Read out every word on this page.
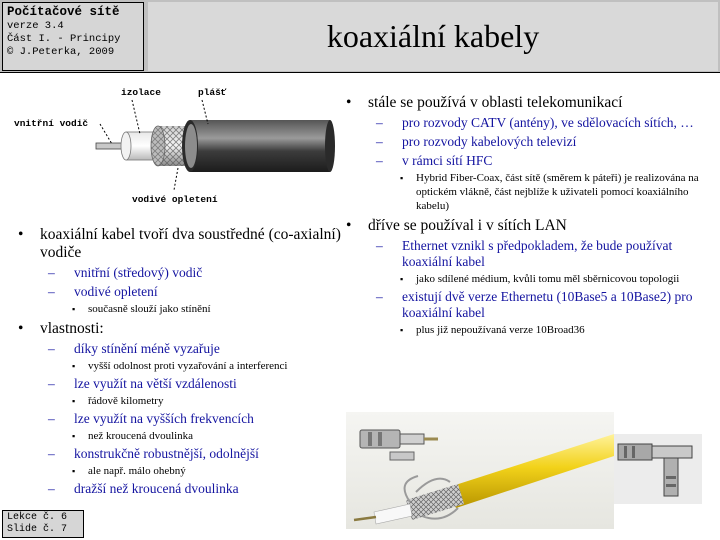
Počítačové sítě
verze 3.4
Část I. - Principy
© J.Peterka, 2009	koaxiální kabely
izolace	plášť
vnitřní vodič
vodivé opletení
• koaxiální kabel tvoří dva soustředné (co-axialní) vodiče
– vnitřní (středový) vodič
– vodivé opletení
▪ současně slouží jako stínění
• vlastnosti:
– díky stínění méně vyzařuje
▪ vyšší odolnost proti vyzařování a interferenci
– lze využít na větší vzdálenosti
▪ řádově kilometry
– lze využít na vyšších frekvencích
▪ než kroucená dvoulinka
– konstrukčně robustnější, odolnější
▪ ale např. málo ohebný
– dražší než kroucená dvoulinka
• stále se používá v oblasti telekomunikací
– pro rozvody CATV (antény), ve sdělovacích sítích, …
– pro rozvody kabelových televizí
– v rámci sítí HFC
▪ Hybrid Fiber-Coax, část sítě (směrem k páteři) je realizována na optickém vlákně, část nejblíže k uživateli pomocí koaxiálního kabelu)
• dříve se používal i v sítích LAN
– Ethernet vznikl s předpokladem, že bude používat koaxiální kabel
▪ jako sdílené médium, kvůli tomu měl sběrnicovou topologii
– existují dvě verze Ethernetu (10Base5 a 10Base2) pro koaxiální kabel
▪ plus již nepoužívaná verze 10Broad36
Lekce č. 6
Slide č. 7
